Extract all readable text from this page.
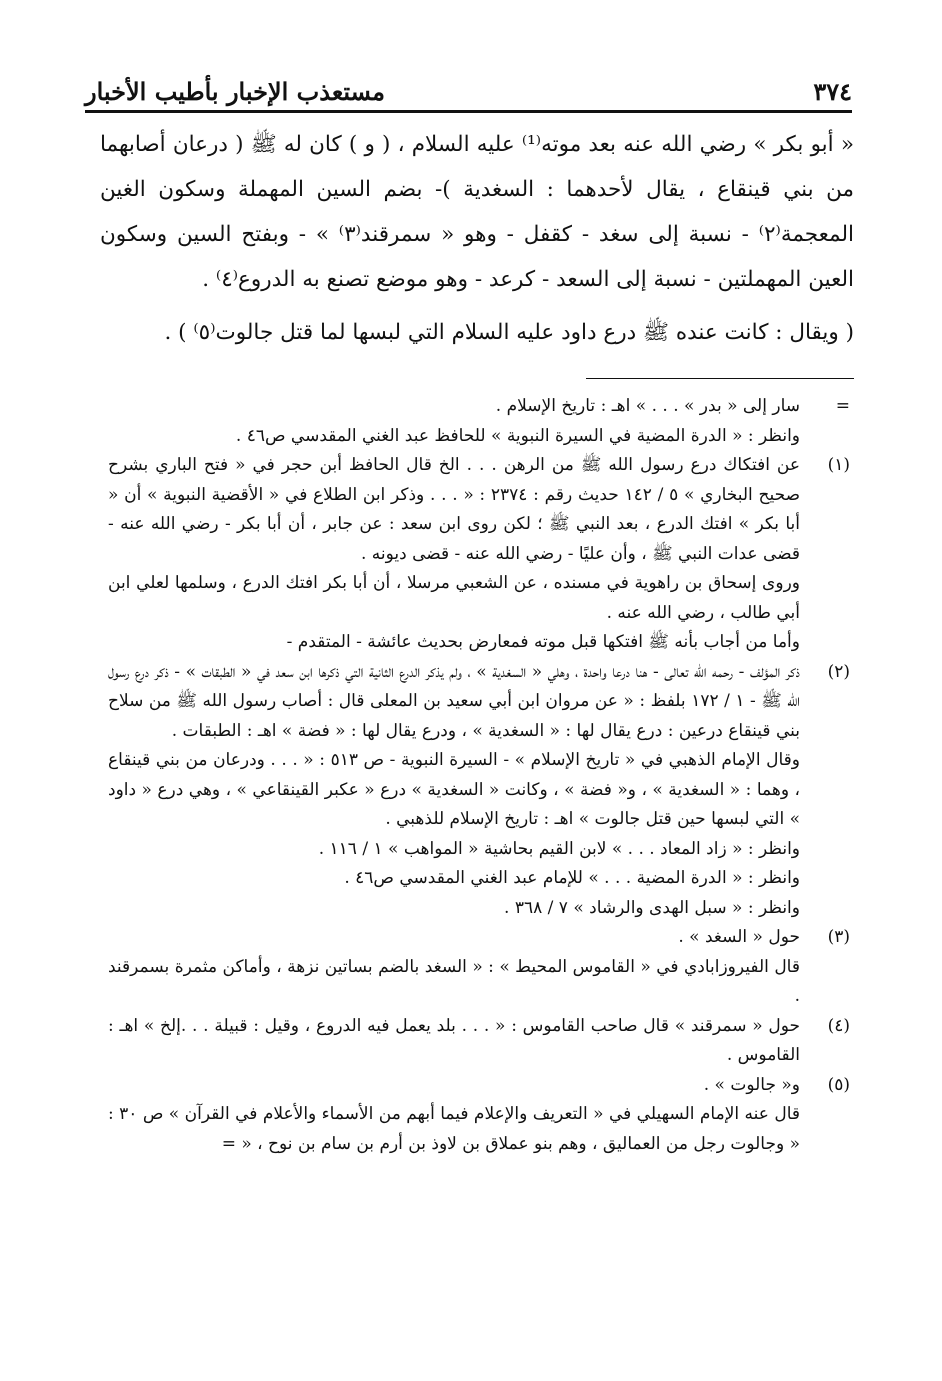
٣٧٤
مستعذب الإخبار بأطيب الأخبار

« أبو بكر » رضي الله عنه بعد موته⁽¹⁾ عليه السلام ، ( و ) كان له ﷺ ( درعان أصابهما من بني قينقاع ، يقال لأحدهما : السغدية )- بضم السين المهملة وسكون الغين المعجمة⁽٢⁾ - نسبة إلى سغد - كقفل - وهو « سمرقند⁽٣⁾ » - وبفتح السين وسكون العين المهملتين - نسبة إلى السعد - كرعد - وهو موضع تصنع به الدروع⁽٤⁾ .

( ويقال : كانت عنده ﷺ درع داود عليه السلام التي لبسها لما قتل جالوت⁽٥⁾ ) .

=

سار إلى « بدر » . . . » اهـ : تاريخ الإسلام .

وانظر : « الدرة المضية في السيرة النبوية » للحافظ عبد الغني المقدسي ص٤٦ .

(١)

عن افتكاك درع رسول الله ﷺ من الرهن . . . الخ قال الحافظ أبن حجر في « فتح الباري بشرح صحيح البخاري » ٥ / ١٤٢ حديث رقم : ٢٣٧٤ : « . . . وذكر ابن الطلاع في « الأقضية النبوية » أن « أبا بكر » افتك الدرع ، بعد النبي ﷺ ؛ لكن روى ابن سعد : عن جابر ، أن أبا بكر - رضي الله عنه - قضى عدات النبي ﷺ ، وأن عليًا - رضي الله عنه - قضى ديونه .

وروى إسحاق بن راهوية في مسنده ، عن الشعبي مرسلا ، أن أبا بكر افتك الدرع ، وسلمها لعلي ابن أبي طالب ، رضي الله عنه .

وأما من أجاب بأنه ﷺ افتكها قبل موته فمعارض بحديث عائشة - المتقدم -

(٢)

ذكر المؤلف - رحمه الله تعالى - هنا درعا واحدة ، وهلي « السغدية » ، ولم يذكر الدرع الثانية التي ذكرها ابن سعد في « الطبقات » - ذكر درع رسول الله ﷺ - ١ / ١٧٢ بلفظ : « عن مروان ابن أبي سعيد بن المعلى قال : أصاب رسول الله ﷺ من سلاح بني قينقاع درعين : درع يقال لها : « السغدية » ، ودرع يقال لها : « فضة » اهـ : الطبقات .

وقال الإمام الذهبي في « تاريخ الإسلام » - السيرة النبوية - ص ٥١٣ : « . . . ودرعان من بني قينقاع ، وهما : « السغدية » ، و« فضة » ، وكانت « السغدية » درع « عكبر القينقاعي » ، وهي درع « داود » التي لبسها حين قتل جالوت » اهـ : تاريخ الإسلام للذهبي .

وانظر : « زاد المعاد . . . » لابن القيم بحاشية « المواهب » ١ / ١١٦ .

وانظر : « الدرة المضية . . . » للإمام عبد الغني المقدسي ص٤٦ .

وانظر : « سبل الهدى والرشاد » ٧ / ٣٦٨ .

(٣)

حول « السغد » .

قال الفيروزابادي في « القاموس المحيط » : « السغد بالضم بساتين نزهة ، وأماكن مثمرة بسمرقند .

(٤)

حول « سمرقند » قال صاحب القاموس : « . . . بلد يعمل فيه الدروع ، وقيل : قبيلة . . .إلخ » اهـ : القاموس .

(٥)

و« جالوت » .

قال عنه الإمام السهيلي في « التعريف والإعلام فيما أبهم من الأسماء والأعلام في القرآن » ص ٣٠ : « وجالوت رجل من العماليق ، وهم بنو عملاق بن لاوذ بن أرم بن سام بن نوح ، « =
